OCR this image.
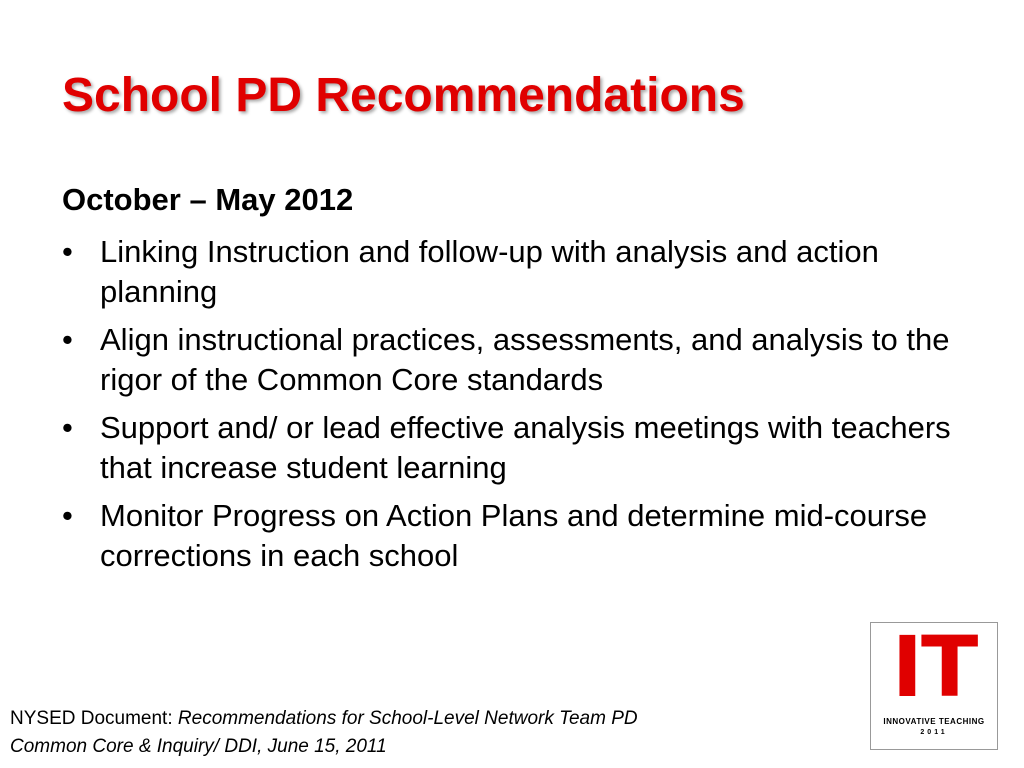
School PD Recommendations
October – May 2012
• Linking Instruction and follow-up with analysis and action planning
• Align instructional practices, assessments, and analysis to the rigor of the Common Core standards
• Support and/ or lead effective analysis meetings with teachers that increase student learning
• Monitor Progress on Action Plans and determine mid-course corrections in each school
NYSED Document: Recommendations for School-Level Network Team PD
Common Core & Inquiry/ DDI, June 15, 2011
IT
INNOVATIVE TEACHING
2011
